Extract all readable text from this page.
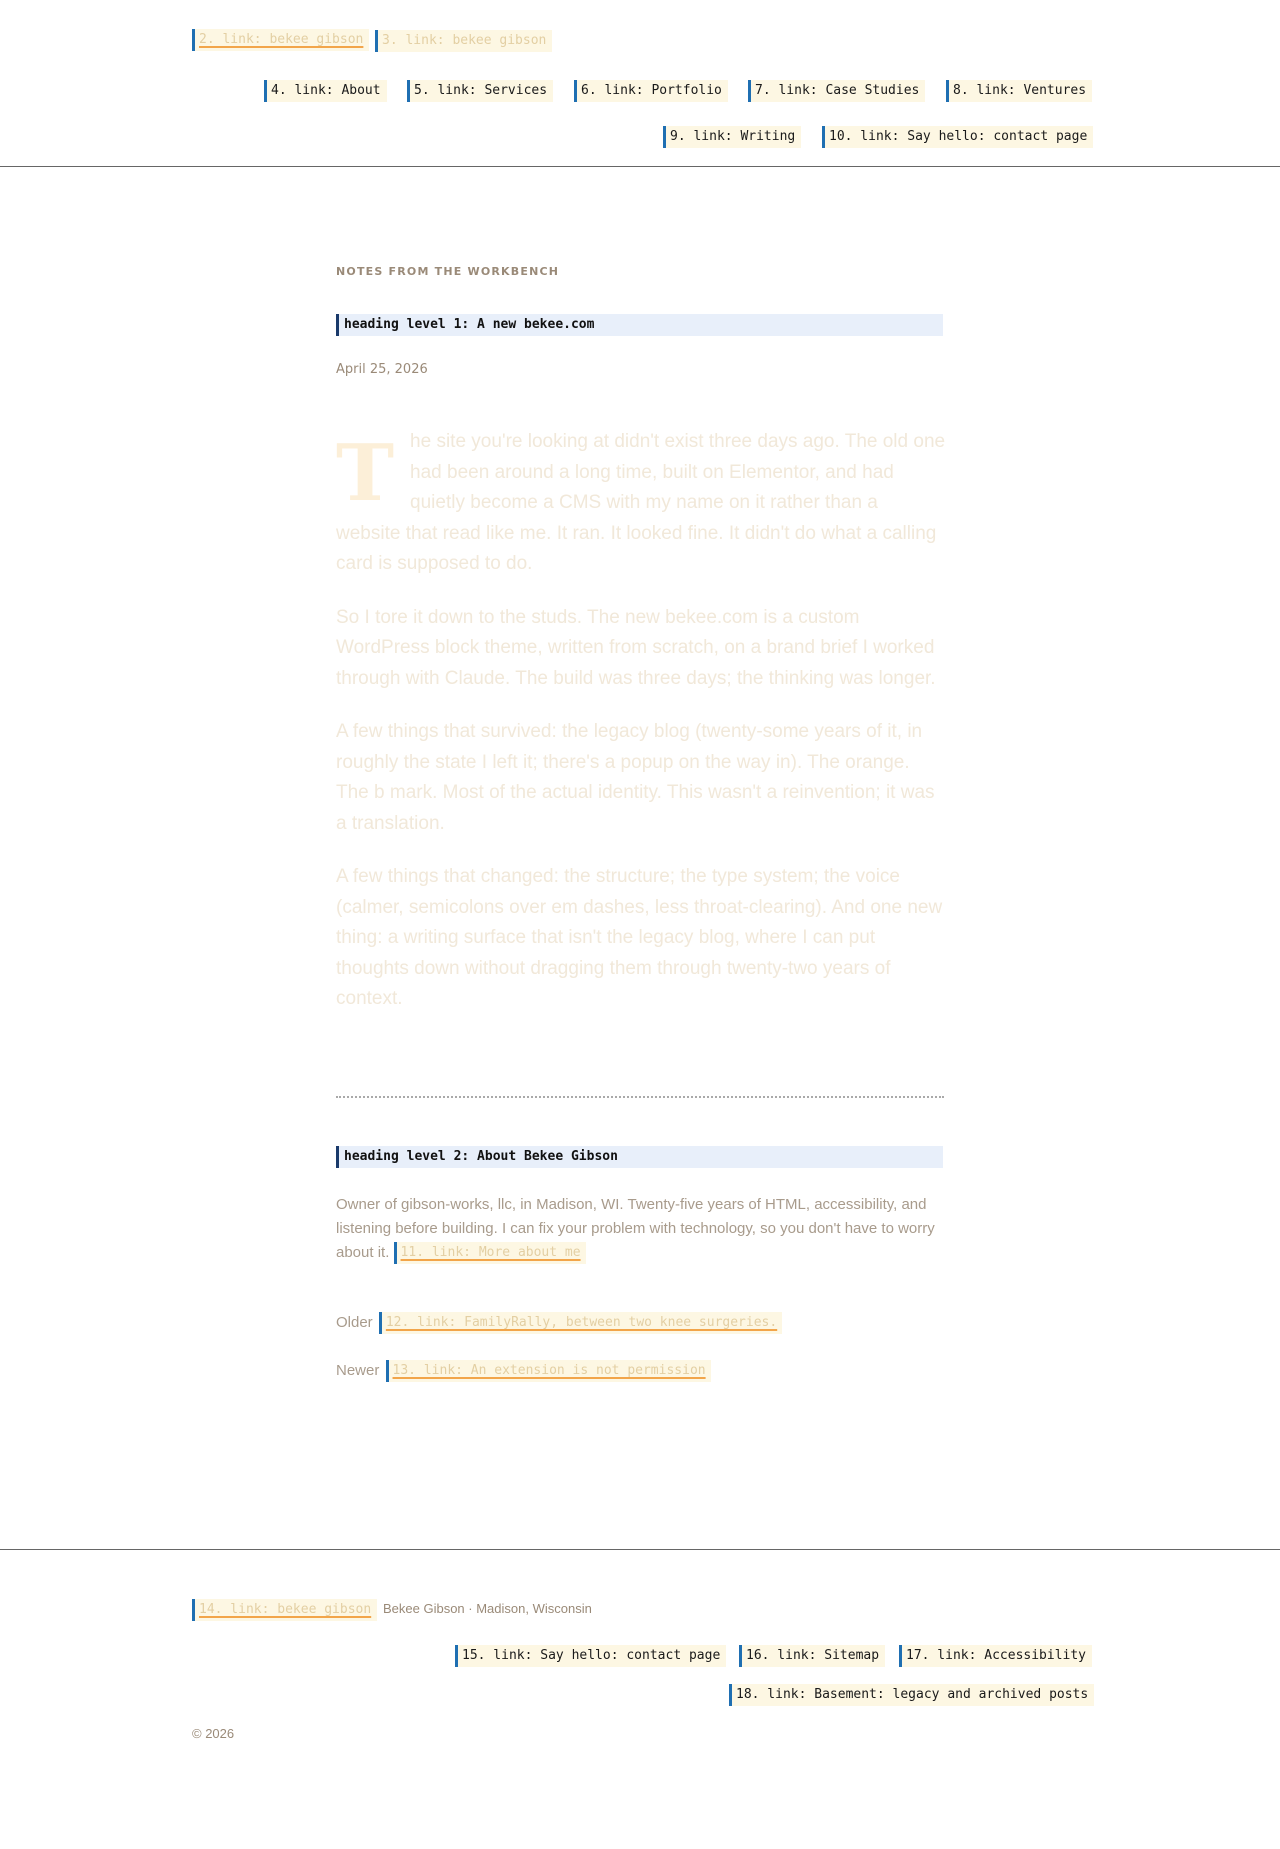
2. link: bekee gibson	3. link: bekee gibson
4. link: About	5. link: Services	6. link: Portfolio	7. link: Case Studies	8. link: Ventures
9. link: Writing	10. link: Say hello: contact page
NOTES FROM THE WORKBENCH
heading level 1: A new bekee.com
April 25, 2026

The site you're looking at didn't exist three days ago. The old one had been around a long time, built on Elementor, and had quietly become a CMS with my name on it rather than a website that read like me. It ran. It looked fine. It didn't do what a calling card is supposed to do.

So I tore it down to the studs. The new bekee.com is a custom WordPress block theme, written from scratch, on a brand brief I worked through with Claude. The build was three days; the thinking was longer.

A few things that survived: the legacy blog (twenty-some years of it, in roughly the state I left it; there's a popup on the way in). The orange. The b mark. Most of the actual identity. This wasn't a reinvention; it was a translation.

A few things that changed: the structure; the type system; the voice (calmer, semicolons over em dashes, less throat-clearing). And one new thing: a writing surface that isn't the legacy blog, where I can put thoughts down without dragging them through twenty-two years of context.

heading level 2: About Bekee Gibson
Owner of gibson-works, llc, in Madison, WI. Twenty-five years of HTML, accessibility, and listening before building. I can fix your problem with technology, so you don't have to worry about it. 11. link: More about me
Older 12. link: FamilyRally, between two knee surgeries.
Newer 13. link: An extension is not permission
14. link: bekee gibson Bekee Gibson · Madison, Wisconsin
15. link: Say hello: contact page	16. link: Sitemap	17. link: Accessibility
18. link: Basement: legacy and archived posts
© 2026
